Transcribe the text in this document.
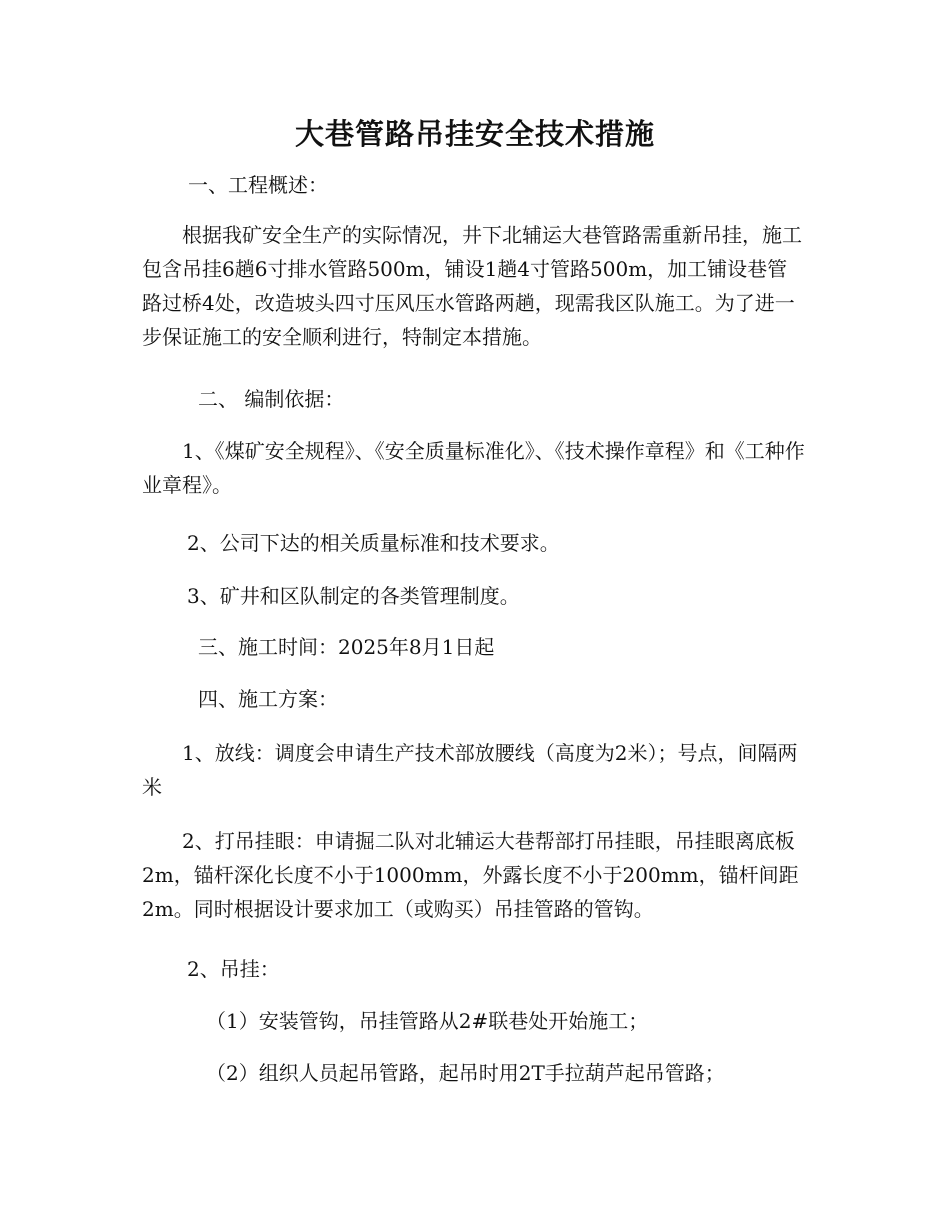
大巷管路吊挂安全技术措施
一、工程概述：
根据我矿安全生产的实际情况，井下北辅运大巷管路需重新吊挂，施工包含吊挂6趟6寸排水管路500m，铺设1趟4寸管路500m，加工铺设巷管路过桥4处，改造坡头四寸压风压水管路两趟，现需我区队施工。为了进一步保证施工的安全顺利进行，特制定本措施。
二、 编制依据：
1、《煤矿安全规程》、《安全质量标准化》、《技术操作章程》和《工种作业章程》。
2、公司下达的相关质量标准和技术要求。
3、矿井和区队制定的各类管理制度。
三、施工时间：2025年8月1日起
四、施工方案：
1、放线：调度会申请生产技术部放腰线（高度为2米）；号点，间隔两米
2、打吊挂眼：申请掘二队对北辅运大巷帮部打吊挂眼，吊挂眼离底板2m，锚杆深化长度不小于1000mm，外露长度不小于200mm，锚杆间距2m。同时根据设计要求加工（或购买）吊挂管路的管钩。
2、吊挂：
（1）安装管钩，吊挂管路从2#联巷处开始施工；
（2）组织人员起吊管路，起吊时用2T手拉葫芦起吊管路；
